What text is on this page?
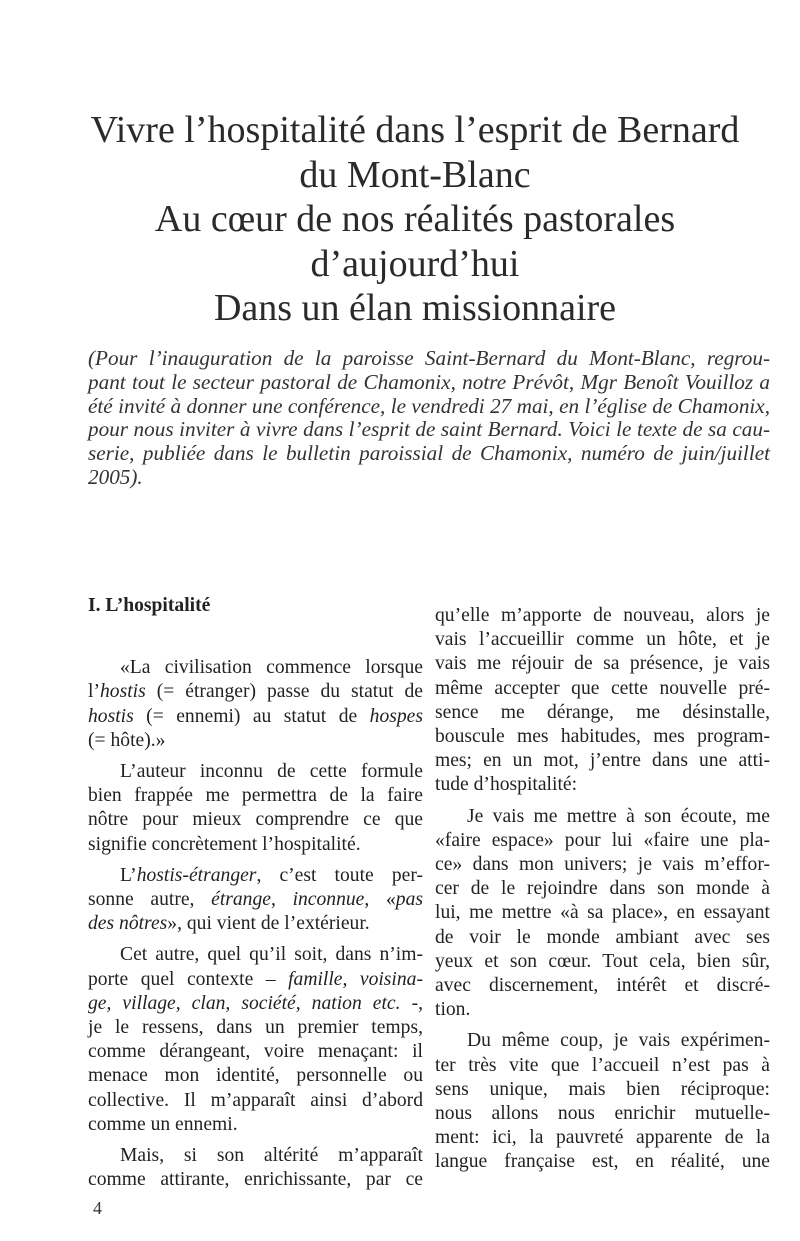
Vivre l’hospitalité dans l’esprit de Bernard
du Mont-Blanc
Au cœur de nos réalités pastorales
d’aujourd’hui
Dans un élan missionnaire
(Pour l’inauguration de la paroisse Saint-Bernard du Mont-Blanc, regrou-
pant tout le secteur pastoral de Chamonix, notre Prévôt, Mgr Benoît Vouilloz a
été invité à donner une conférence, le vendredi 27 mai, en l’église de Chamonix,
pour nous inviter à vivre dans l’esprit de saint Bernard. Voici le texte de sa cau-
serie, publiée dans le bulletin paroissial de Chamonix, numéro de juin/juillet
2005).
I. L’hospitalité

«La civilisation commence lorsque
l’hostis (= étranger) passe du statut de
hostis (= ennemi) au statut de hospes
(= hôte).»

L’auteur inconnu de cette formule
bien frappée me permettra de la faire
nôtre pour mieux comprendre ce que
signifie concrètement l’hospitalité.

L’hostis-étranger, c’est toute per-
sonne autre, étrange, inconnue, «pas
des nôtres», qui vient de l’extérieur.

Cet autre, quel qu’il soit, dans n’im-
porte quel contexte – famille, voisina-
ge, village, clan, société, nation etc. -,
je le ressens, dans un premier temps,
comme dérangeant, voire menaçant: il
menace mon identité, personnelle ou
collective. Il m’apparaît ainsi d’abord
comme un ennemi.

Mais, si son altérité m’apparaît
comme attirante, enrichissante, par ce

qu’elle m’apporte de nouveau, alors je
vais l’accueillir comme un hôte, et je
vais me réjouir de sa présence, je vais
même accepter que cette nouvelle pré-
sence me dérange, me désinstalle,
bouscule mes habitudes, mes program-
mes; en un mot, j’entre dans une atti-
tude d’hospitalité:

Je vais me mettre à son écoute, me
«faire espace» pour lui «faire une pla-
ce» dans mon univers; je vais m’effor-
cer de le rejoindre dans son monde à
lui, me mettre «à sa place», en essayant
de voir le monde ambiant avec ses
yeux et son cœur. Tout cela, bien sûr,
avec discernement, intérêt et discré-
tion.

Du même coup, je vais expérimen-
ter très vite que l’accueil n’est pas à
sens unique, mais bien réciproque:
nous allons nous enrichir mutuelle-
ment: ici, la pauvreté apparente de la
langue française est, en réalité, une

4
